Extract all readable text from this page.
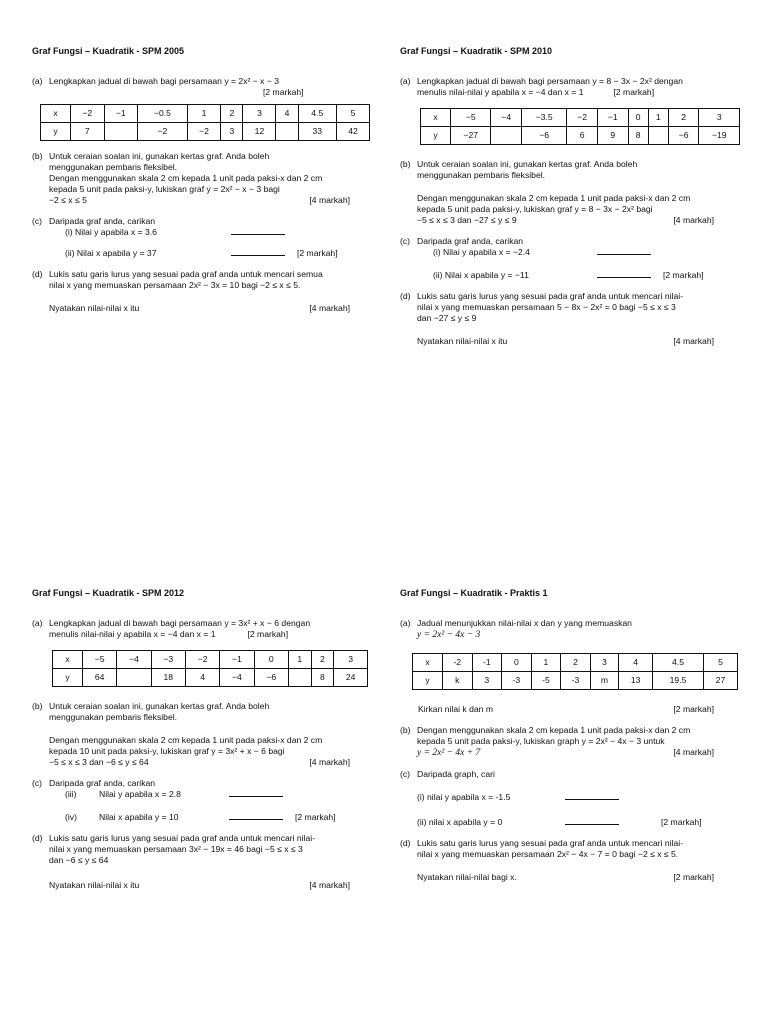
Graf Fungsi – Kuadratik - SPM 2005
(a) Lengkapkan jadual di bawah bagi persamaan y = 2x² − x − 3
[2 markah]
x	−2	−1	−0.5	1	2	3	4	4.5	5
y	7		−2	−2	3	12		33	42
(b) Untuk ceraian soalan ini, gunakan kertas graf. Anda boleh
menggunakan pembaris fleksibel.
Dengan menggunakan skala 2 cm kepada 1 unit pada paksi-x dan 2 cm
kepada 5 unit pada paksi-y, lukiskan graf y = 2x² − x − 3 bagi
−2 ≤ x ≤ 5	[4 markah]
(c) Daripada graf anda, carikan
(i) Nilai y apabila x = 3.6
(ii) Nilai x apabila y = 37	[2 markah]
(d) Lukis satu garis lurus yang sesuai pada graf anda untuk mencari semua
nilai x yang memuaskan persamaan 2x² − 3x = 10 bagi −2 ≤ x ≤ 5.
Nyatakan nilai-nilai x itu	[4 markah]
Graf Fungsi – Kuadratik - SPM 2010
(a) Lengkapkan jadual di bawah bagi persamaan y = 8 − 3x − 2x² dengan
menulis nilai-nilai y apabila x = −4 dan x = 1	[2 markah]
x	−5	−4	−3.5	−2	−1	0	1	2	3
y	−27		−6	6	9	8		−6	−19
(b) Untuk ceraian soalan ini, gunakan kertas graf. Anda boleh
menggunakan pembaris fleksibel.
Dengan menggunakan skala 2 cm kepada 1 unit pada paksi-x dan 2 cm
kepada 5 unit pada paksi-y, lukiskan graf y = 8 − 3x − 2x² bagi
−5 ≤ x ≤ 3 dan −27 ≤ y ≤ 9	[4 markah]
(c) Daripada graf anda, carikan
(i) Nilai y apabila x = −2.4
(ii) Nilai x apabila y = −11	[2 markah]
(d) Lukis satu garis lurus yang sesuai pada graf anda untuk mencari nilai-
nilai x yang memuaskan persamaan 5 − 8x − 2x² = 0 bagi −5 ≤ x ≤ 3
dan −27 ≤ y ≤ 9
Nyatakan nilai-nilai x itu	[4 markah]
Graf Fungsi – Kuadratik - SPM 2012
(a) Lengkapkan jadual di bawah bagi persamaan y = 3x² + x − 6 dengan
menulis nilai-nilai y apabila x = −4 dan x = 1	[2 markah]
x	−5	−4	−3	−2	−1	0	1	2	3
y	64		18	4	−4	−6		8	24
(b) Untuk ceraian soalan ini, gunakan kertas graf. Anda boleh
menggunakan pembaris fleksibel.
Dengan menggunakan skala 2 cm kepada 1 unit pada paksi-x dan 2 cm
kepada 10 unit pada paksi-y, lukiskan graf y = 3x² + x − 6 bagi
−5 ≤ x ≤ 3 dan −6 ≤ y ≤ 64	[4 markah]
(c) Daripada graf anda, carikan
(iii)	Nilai y apabila x = 2.8
(iv)	Nilai x apabila y = 10	[2 markah]
(d) Lukis satu garis lurus yang sesuai pada graf anda untuk mencari nilai-
nilai x yang memuaskan persamaan 3x² − 19x = 46 bagi −5 ≤ x ≤ 3
dan −6 ≤ y ≤ 64
Nyatakan nilai-nilai x itu	[4 markah]
Graf Fungsi – Kuadratik - Praktis 1
(a) Jadual menunjukkan nilai-nilai x dan y yang memuaskan
y = 2x² − 4x − 3
x	-2	-1	0	1	2	3	4	4.5	5
y	k	3	-3	-5	-3	m	13	19.5	27
Kirkan nilai k dan m	[2 markah]
(b) Dengan menggunakan skala 2 cm kepada 1 unit pada paksi-x dan 2 cm
kepada 5 unit pada paksi-y, lukiskan graph y = 2x² − 4x − 3 untuk
y = 2x² − 4x + 7	[4 markah]
(c) Daripada graph, cari
(i) nilai y apabila x = -1.5
(ii) nilai x apabila y = 0	[2 markah]
(d) Lukis satu garis lurus yang sesuai pada graf anda untuk mencari nilai-
nilai x yang memuaskan persamaan 2x² − 4x − 7 = 0 bagi −2 ≤ x ≤ 5.
Nyatakan nilai-nilai bagi x.	[2 markah]
